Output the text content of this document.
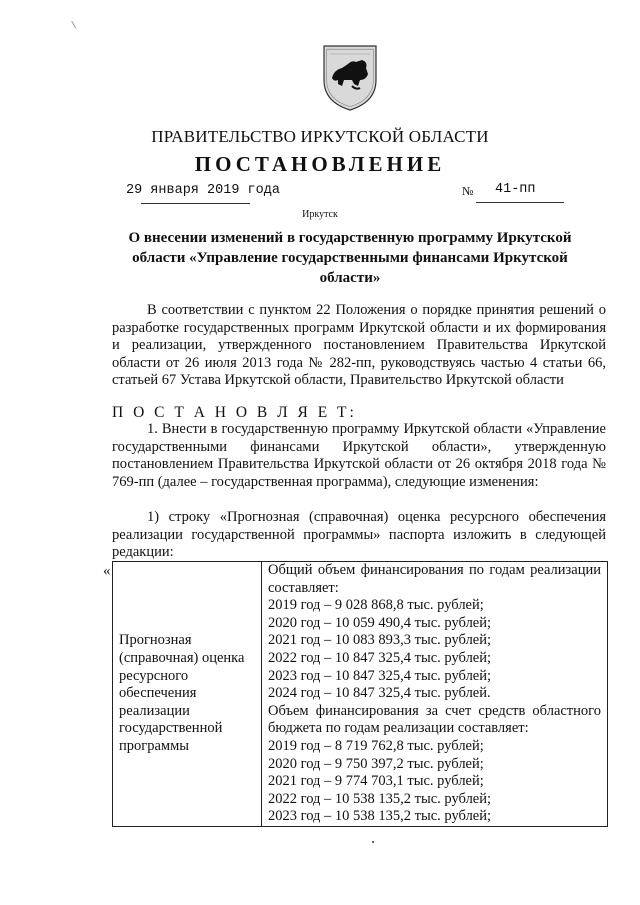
ПРАВИТЕЛЬСТВО ИРКУТСКОЙ ОБЛАСТИ
ПОСТАНОВЛЕНИЕ
29 января 2019 года	№ 41-пп
Иркутск
О внесении изменений в государственную программу Иркутской области «Управление государственными финансами Иркутской области»
В соответствии с пунктом 22 Положения о порядке принятия решений о разработке государственных программ Иркутской области и их формирования и реализации, утвержденного постановлением Правительства Иркутской области от 26 июля 2013 года № 282-пп, руководствуясь частью 4 статьи 66, статьей 67 Устава Иркутской области, Правительство Иркутской области
П О С Т А Н О В Л Я Е Т:
1. Внести в государственную программу Иркутской области «Управление государственными финансами Иркутской области», утвержденную постановлением Правительства Иркутской области от 26 октября 2018 года № 769-пп (далее – государственная программа), следующие изменения:
1) строку «Прогнозная (справочная) оценка ресурсного обеспечения реализации государственной программы» паспорта изложить в следующей редакции:
«
Прогнозная (справочная) оценка ресурсного обеспечения реализации государственной программы

Общий объем финансирования по годам реализации составляет:
2019 год – 9 028 868,8 тыс. рублей;
2020 год – 10 059 490,4 тыс. рублей;
2021 год – 10 083 893,3 тыс. рублей;
2022 год – 10 847 325,4 тыс. рублей;
2023 год – 10 847 325,4 тыс. рублей;
2024 год – 10 847 325,4 тыс. рублей.
Объем финансирования за счет средств областного бюджета по годам реализации составляет:
2019 год – 8 719 762,8 тыс. рублей;
2020 год – 9 750 397,2 тыс. рублей;
2021 год – 9 774 703,1 тыс. рублей;
2022 год – 10 538 135,2 тыс. рублей;
2023 год – 10 538 135,2 тыс. рублей;
